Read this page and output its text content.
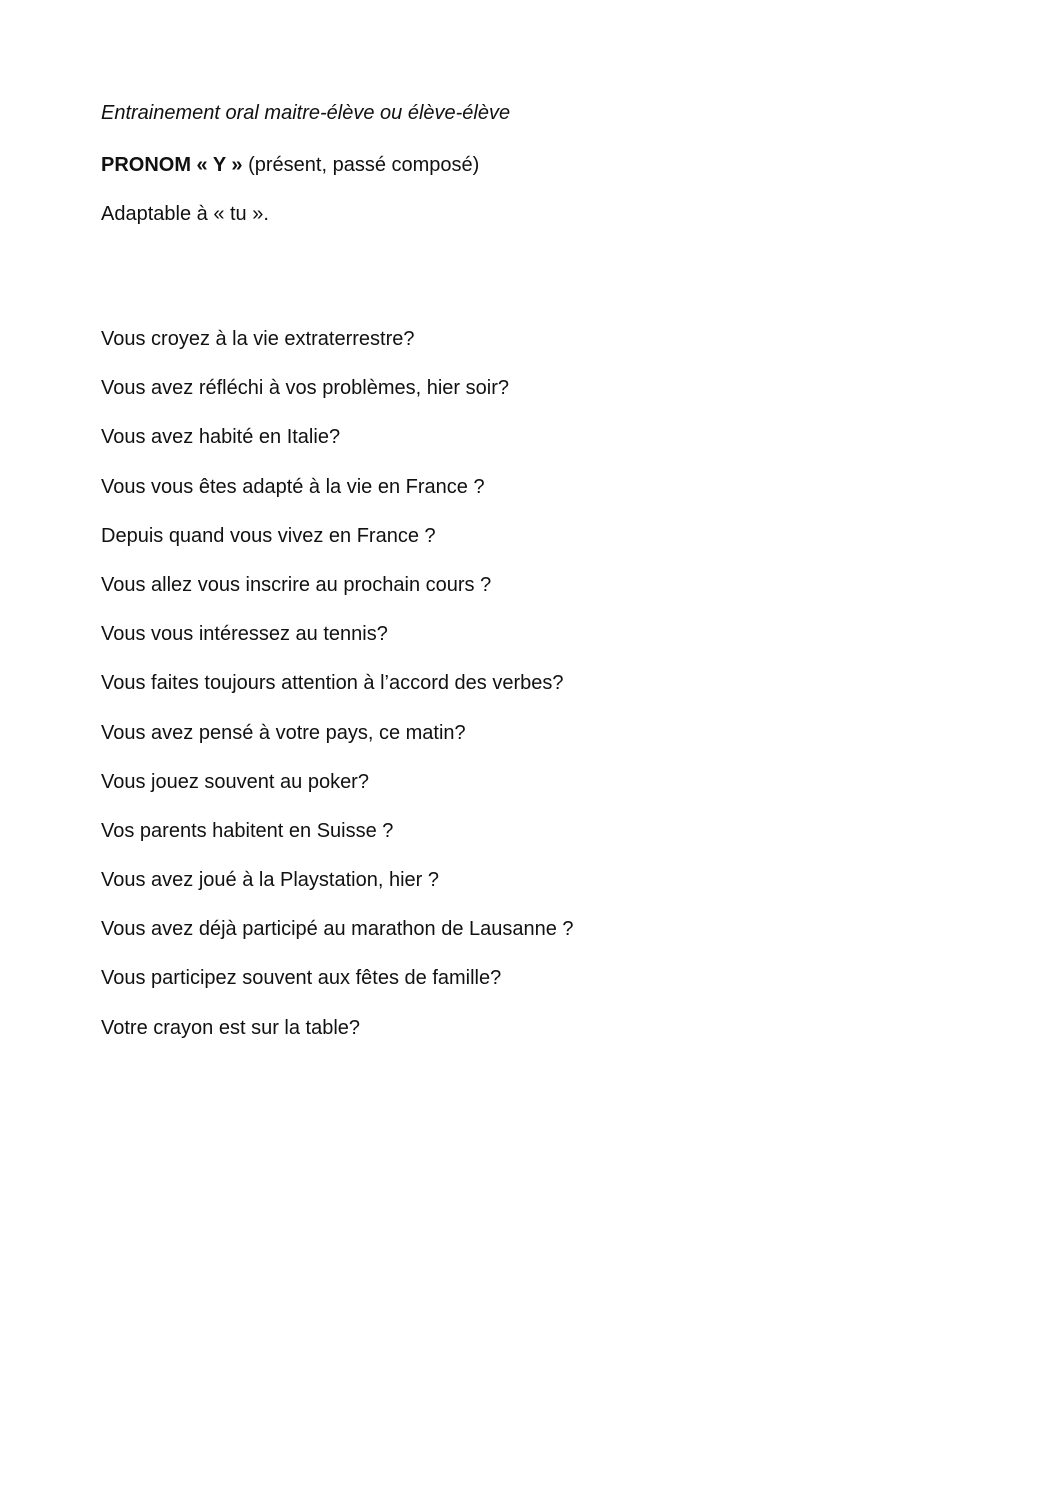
Entrainement oral maitre-élève ou élève-élève
PRONOM « Y » (présent, passé composé)
Adaptable à « tu ».
Vous croyez à la vie extraterrestre?
Vous avez réfléchi à vos problèmes, hier soir?
Vous avez habité en Italie?
Vous vous êtes adapté à la vie en France ?
Depuis quand vous vivez en France ?
Vous allez vous inscrire au prochain cours ?
Vous vous intéressez au tennis?
Vous faites toujours attention à l’accord des verbes?
Vous avez pensé à votre pays, ce matin?
Vous jouez souvent au poker?
Vos parents habitent en Suisse ?
Vous avez joué à la Playstation, hier ?
Vous avez déjà participé au marathon de Lausanne ?
Vous participez souvent aux fêtes de famille?
Votre crayon est sur la table?
